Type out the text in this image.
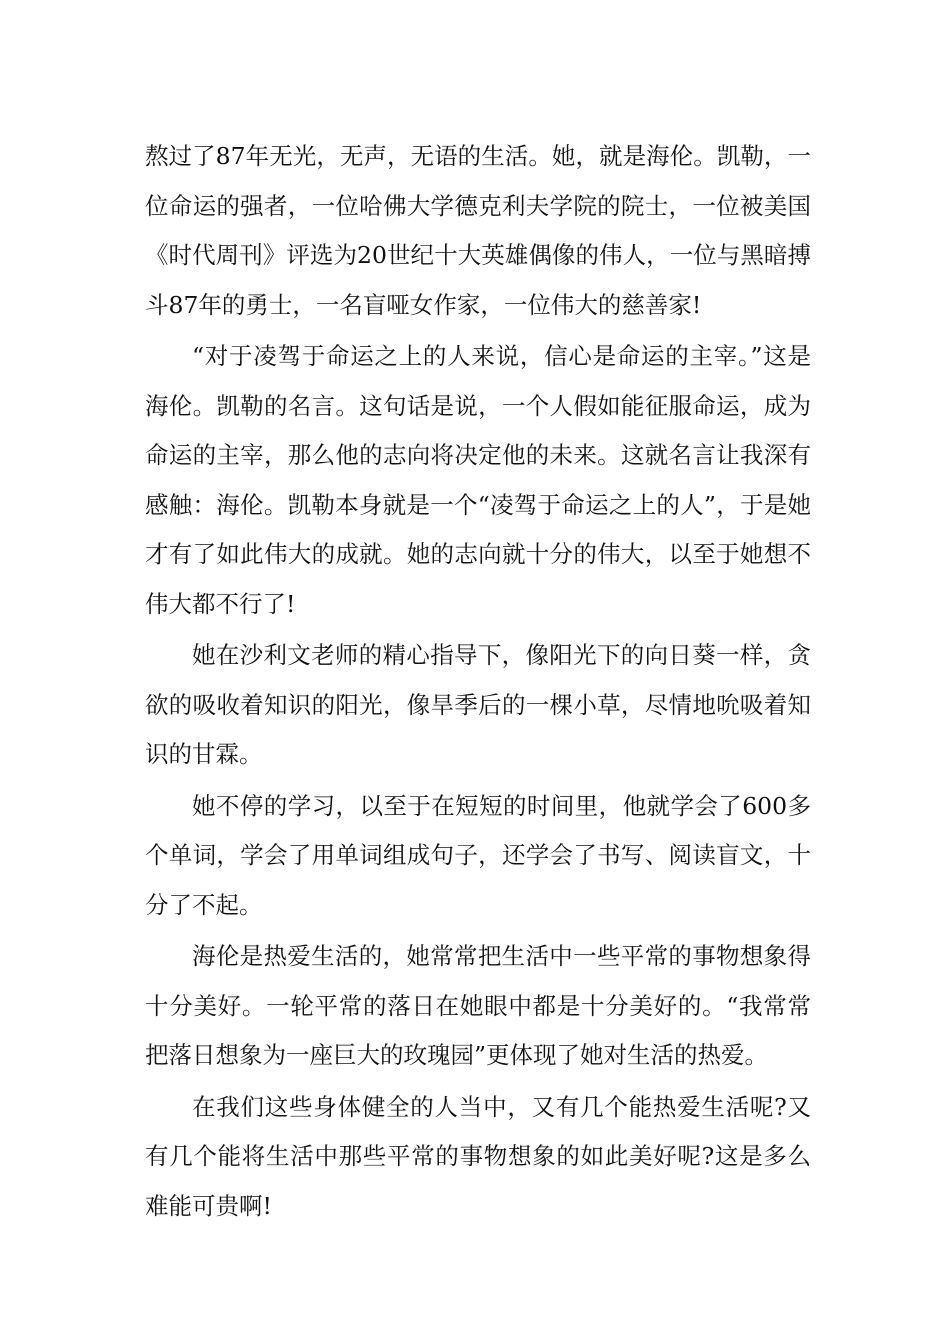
熬过了87年无光，无声，无语的生活。她，就是海伦。凯勒，一位命运的强者，一位哈佛大学德克利夫学院的院士，一位被美国《时代周刊》评选为20世纪十大英雄偶像的伟人，一位与黑暗搏斗87年的勇士，一名盲哑女作家，一位伟大的慈善家!

“对于凌驾于命运之上的人来说，信心是命运的主宰。”这是海伦。凯勒的名言。这句话是说，一个人假如能征服命运，成为命运的主宰，那么他的志向将决定他的未来。这就名言让我深有感触：海伦。凯勒本身就是一个“凌驾于命运之上的人”，于是她才有了如此伟大的成就。她的志向就十分的伟大，以至于她想不伟大都不行了!

她在沙利文老师的精心指导下，像阳光下的向日葵一样，贪欲的吸收着知识的阳光，像旱季后的一棵小草，尽情地吮吸着知识的甘霖。

她不停的学习，以至于在短短的时间里，他就学会了600多个单词，学会了用单词组成句子，还学会了书写、阅读盲文，十分了不起。

海伦是热爱生活的，她常常把生活中一些平常的事物想象得十分美好。一轮平常的落日在她眼中都是十分美好的。“我常常把落日想象为一座巨大的玫瑰园”更体现了她对生活的热爱。

在我们这些身体健全的人当中，又有几个能热爱生活呢?又有几个能将生活中那些平常的事物想象的如此美好呢?这是多么难能可贵啊!
